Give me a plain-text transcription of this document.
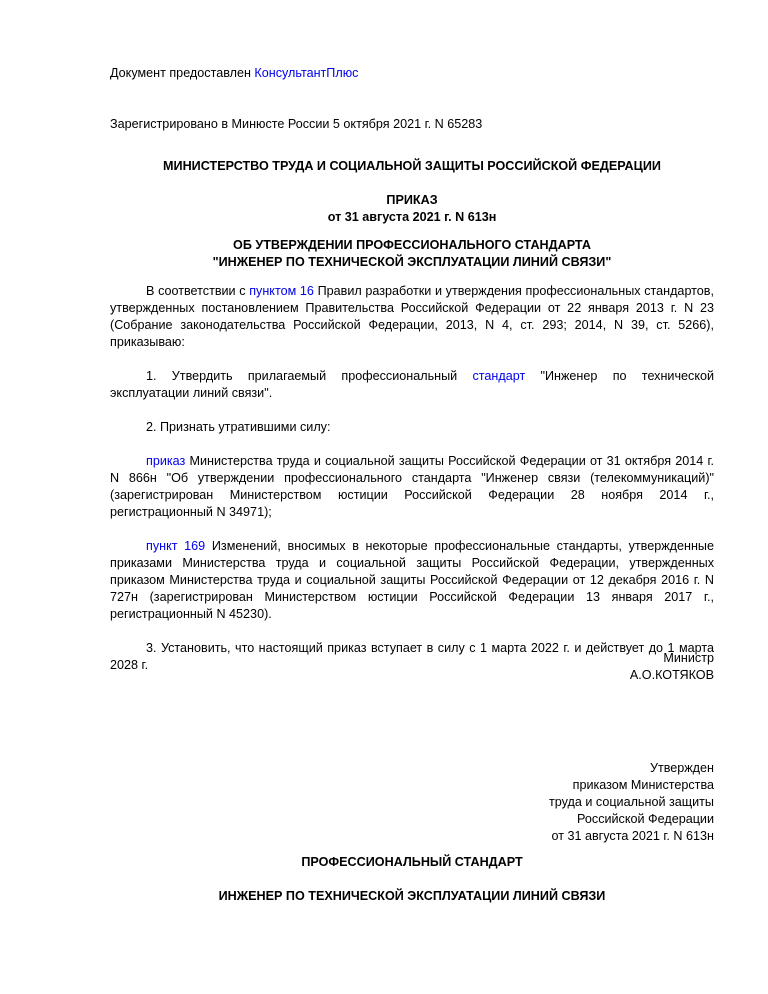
Документ предоставлен КонсультантПлюс
Зарегистрировано в Минюсте России 5 октября 2021 г. N 65283
МИНИСТЕРСТВО ТРУДА И СОЦИАЛЬНОЙ ЗАЩИТЫ РОССИЙСКОЙ ФЕДЕРАЦИИ
ПРИКАЗ
от 31 августа 2021 г. N 613н
ОБ УТВЕРЖДЕНИИ ПРОФЕССИОНАЛЬНОГО СТАНДАРТА
"ИНЖЕНЕР ПО ТЕХНИЧЕСКОЙ ЭКСПЛУАТАЦИИ ЛИНИЙ СВЯЗИ"

В соответствии с пунктом 16 Правил разработки и утверждения профессиональных стандартов, утвержденных постановлением Правительства Российской Федерации от 22 января 2013 г. N 23 (Собрание законодательства Российской Федерации, 2013, N 4, ст. 293; 2014, N 39, ст. 5266), приказываю:

1. Утвердить прилагаемый профессиональный стандарт "Инженер по технической эксплуатации линий связи".

2. Признать утратившими силу:

приказ Министерства труда и социальной защиты Российской Федерации от 31 октября 2014 г. N 866н "Об утверждении профессионального стандарта "Инженер связи (телекоммуникаций)" (зарегистрирован Министерством юстиции Российской Федерации 28 ноября 2014 г., регистрационный N 34971);

пункт 169 Изменений, вносимых в некоторые профессиональные стандарты, утвержденные приказами Министерства труда и социальной защиты Российской Федерации, утвержденных приказом Министерства труда и социальной защиты Российской Федерации от 12 декабря 2016 г. N 727н (зарегистрирован Министерством юстиции Российской Федерации 13 января 2017 г., регистрационный N 45230).

3. Установить, что настоящий приказ вступает в силу с 1 марта 2022 г. и действует до 1 марта 2028 г.	Министр
А.О.КОТЯКОВ
Утвержден
приказом Министерства
труда и социальной защиты
Российской Федерации
от 31 августа 2021 г. N 613н
ПРОФЕССИОНАЛЬНЫЙ СТАНДАРТ
ИНЖЕНЕР ПО ТЕХНИЧЕСКОЙ ЭКСПЛУАТАЦИИ ЛИНИЙ СВЯЗИ
